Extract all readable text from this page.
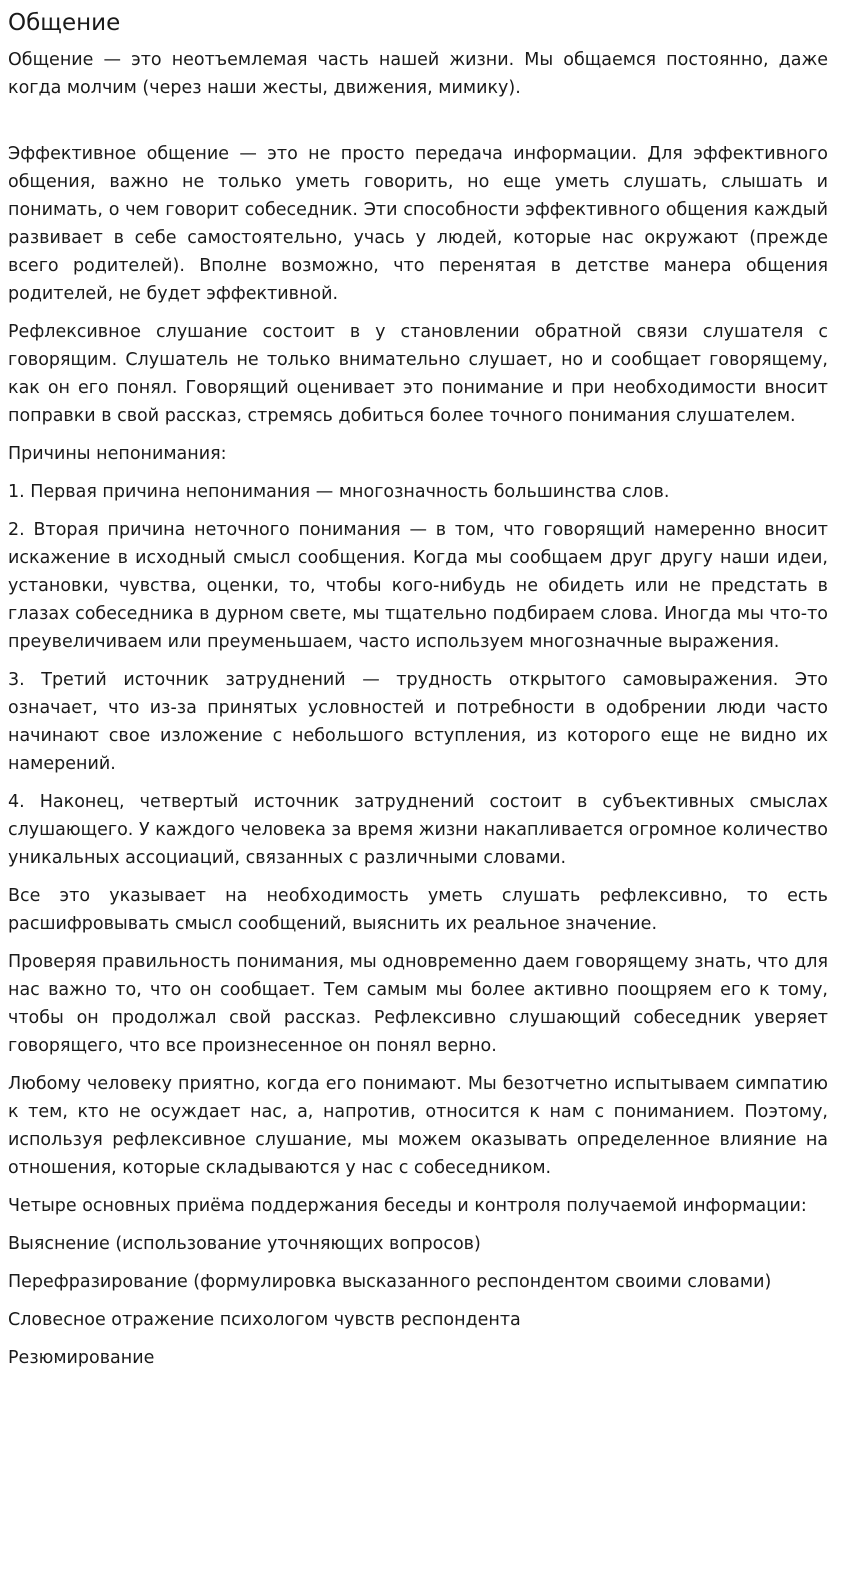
Общение

Общение — это неотъемлемая часть нашей жизни. Мы общаемся постоянно, даже когда молчим (через наши жесты, движения, мимику).

Эффективное общение — это не просто передача информации. Для эффективного общения, важно не только уметь говорить, но еще уметь слушать, слышать и понимать, о чем говорит собеседник. Эти способности эффективного общения каждый развивает в себе самостоятельно, учась у людей, которые нас окружают (прежде всего родителей). Вполне возможно, что перенятая в детстве манера общения родителей, не будет эффективной.

Рефлексивное слушание состоит в у становлении обратной связи слушателя с говорящим. Слушатель не только внимательно слушает, но и сообщает говорящему, как он его понял. Говорящий оценивает это понимание и при необходимости вносит поправки в свой рассказ, стремясь добиться более точного понимания слушателем.

Причины непонимания:

1. Первая причина непонимания — многозначность большинства слов.

2. Вторая причина неточного понимания — в том, что говорящий намеренно вносит искажение в исходный смысл сообщения. Когда мы сообщаем друг другу наши идеи, установки, чувства, оценки, то, чтобы кого-нибудь не обидеть или не предстать в глазах собеседника в дурном свете, мы тщательно подбираем слова. Иногда мы что-то преувеличиваем или преуменьшаем, часто используем многозначные выражения.

3. Третий источник затруднений — трудность открытого самовыражения. Это означает, что из-за принятых условностей и потребности в одобрении люди часто начинают свое изложение с небольшого вступления, из которого еще не видно их намерений.

4. Наконец, четвертый источник затруднений состоит в субъективных смыслах слушающего. У каждого человека за время жизни накапливается огромное количество уникальных ассоциаций, связанных с различными словами.

Все это указывает на необходимость уметь слушать рефлексивно, то есть расшифровывать смысл сообщений, выяснить их реальное значение.

Проверяя правильность понимания, мы одновременно даем говорящему знать, что для нас важно то, что он сообщает. Тем самым мы более активно поощряем его к тому, чтобы он продолжал свой рассказ. Рефлексивно слушающий собеседник уверяет говорящего, что все произнесенное он понял верно.

Любому человеку приятно, когда его понимают. Мы безотчетно испытываем симпатию к тем, кто не осуждает нас, а, напротив, относится к нам с пониманием. Поэтому, используя рефлексивное слушание, мы можем оказывать определенное влияние на отношения, которые складываются у нас с собеседником.

Четыре основных приёма поддержания беседы и контроля получаемой информации:

Выяснение (использование уточняющих вопросов)

Перефразирование (формулировка высказанного респондентом своими словами)

Словесное отражение психологом чувств респондента

Резюмирование
